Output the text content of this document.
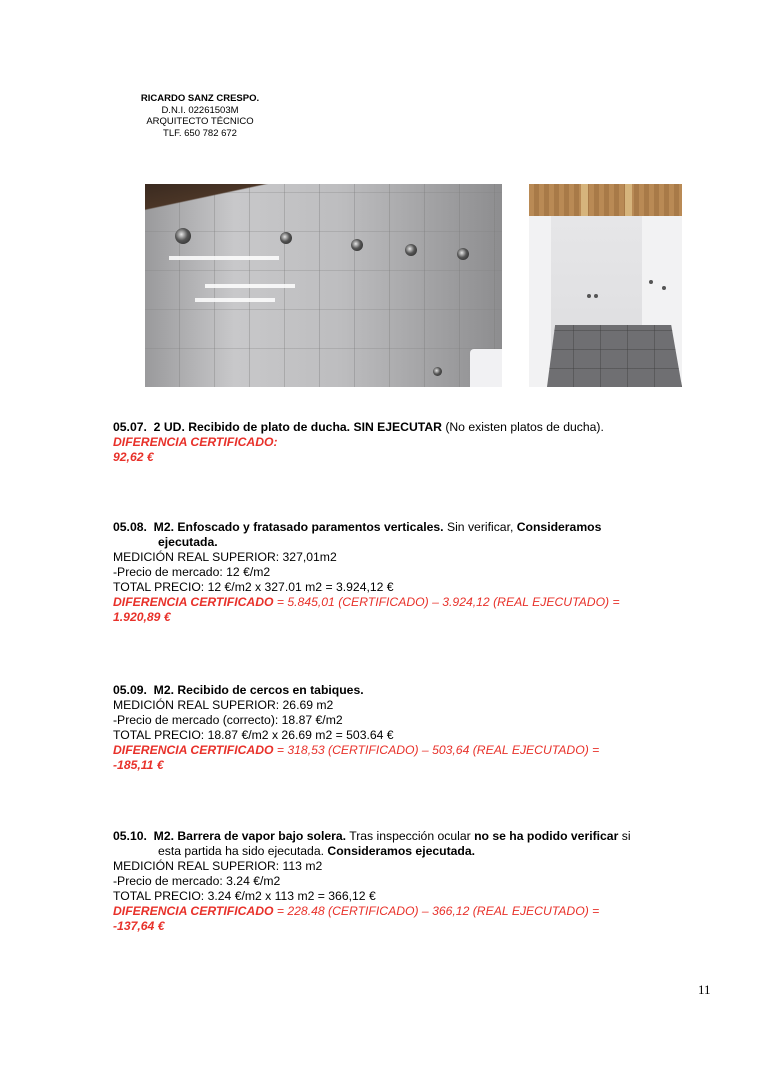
RICARDO SANZ CRESPO.
D.N.I. 02261503M
ARQUITECTO TÉCNICO
TLF. 650 782 672

05.07. 2 UD. Recibido de plato de ducha. SIN EJECUTAR (No existen platos de ducha).

DIFERENCIA CERTIFICADO:

92,62 €

05.08. M2. Enfoscado y fratasado paramentos verticales. Sin verificar, Consideramos

ejecutada.

MEDICIÓN REAL SUPERIOR: 327,01m2

-Precio de mercado: 12 €/m2

TOTAL PRECIO: 12 €/m2 x 327.01 m2 = 3.924,12 €

DIFERENCIA CERTIFICADO = 5.845,01 (CERTIFICADO) – 3.924,12 (REAL EJECUTADO) =

1.920,89 €

05.09. M2. Recibido de cercos en tabiques.

MEDICIÓN REAL SUPERIOR: 26.69 m2

-Precio de mercado (correcto): 18.87 €/m2

TOTAL PRECIO: 18.87 €/m2 x 26.69 m2 = 503.64 €

DIFERENCIA CERTIFICADO = 318,53 (CERTIFICADO) – 503,64 (REAL EJECUTADO) =

-185,11 €

05.10. M2. Barrera de vapor bajo solera. Tras inspección ocular no se ha podido verificar si

esta partida ha sido ejecutada. Consideramos ejecutada.

MEDICIÓN REAL SUPERIOR: 113 m2

-Precio de mercado: 3.24 €/m2

TOTAL PRECIO: 3.24 €/m2 x 113 m2 = 366,12 €

DIFERENCIA CERTIFICADO = 228.48 (CERTIFICADO) – 366,12 (REAL EJECUTADO) =

-137,64 €

11
